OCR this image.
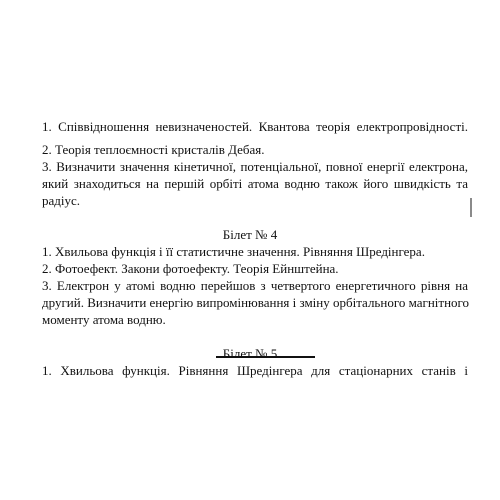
1. Співвідношення невизначеностей. Квантова теорія електропровідності.
2. Теорія теплоємності кристалів Дебая.
3. Визначити значення кінетичної, потенціальної, повної енергії електрона,
який знаходиться на першій орбіті атома водню також його швидкість та
радіус.
Білет № 4
1. Хвильова функція і її статистичне значення. Рівняння Шредінгера.
2. Фотоефект. Закони фотоефекту. Теорія Ейнштейна.
3. Електрон у атомі водню перейшов з четвертого енергетичного рівня на
другий. Визначити енергію випромінювання і зміну орбітального магнітного
моменту атома водню.
Білет № 5
1. Хвильова функція. Рівняння Шредінгера для стаціонарних станів і
